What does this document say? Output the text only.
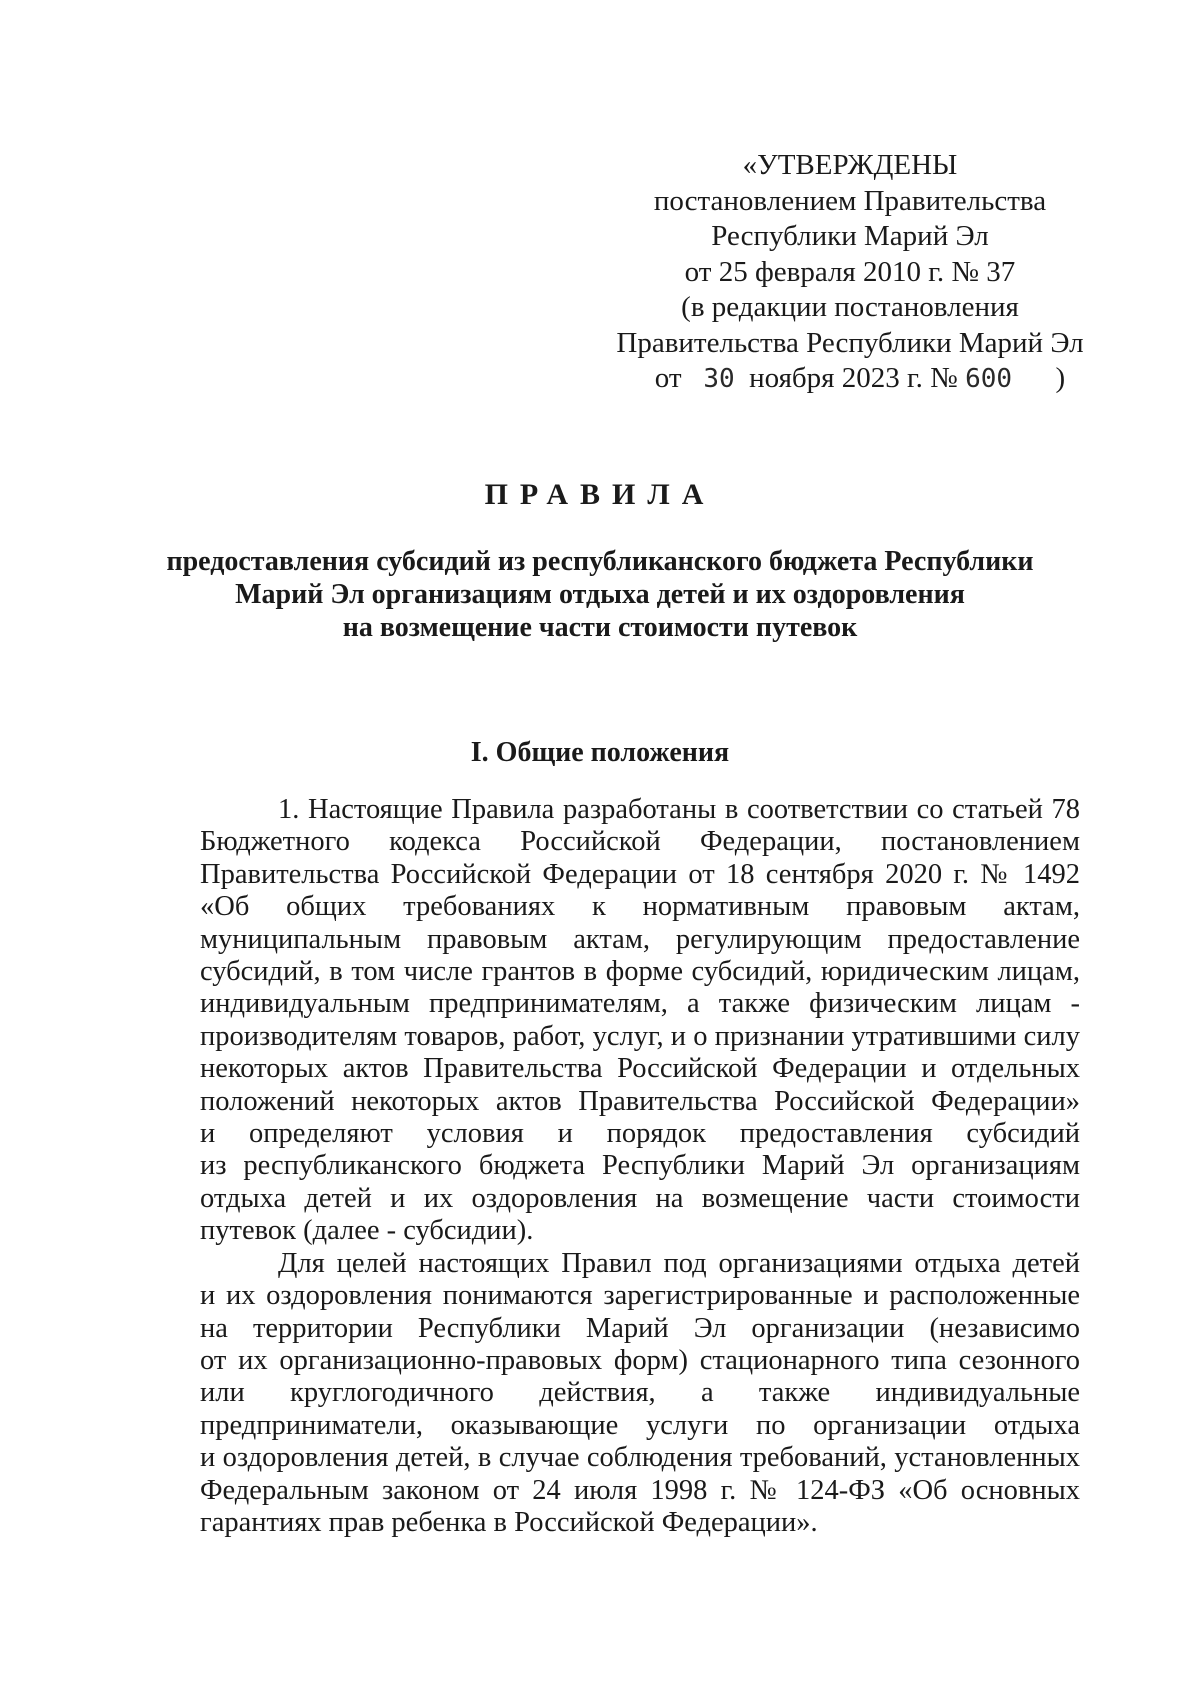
«УТВЕРЖДЕНЫ
постановлением Правительства
Республики Марий Эл
от 25 февраля 2010 г. № 37
(в редакции постановления
Правительства Республики Марий Эл
от 30 ноября 2023 г. № 600 )
ПРАВИЛА
предоставления субсидий из республиканского бюджета Республики
Марий Эл организациям отдыха детей и их оздоровления
на возмещение части стоимости путевок
I. Общие положения
1. Настоящие Правила разработаны в соответствии со статьей 78
Бюджетного кодекса Российской Федерации, постановлением
Правительства Российской Федерации от 18 сентября 2020 г. № 1492
«Об общих требованиях к нормативным правовым актам,
муниципальным правовым актам, регулирующим предоставление
субсидий, в том числе грантов в форме субсидий, юридическим лицам,
индивидуальным предпринимателям, а также физическим лицам -
производителям товаров, работ, услуг, и о признании утратившими силу
некоторых актов Правительства Российской Федерации и отдельных
положений некоторых актов Правительства Российской Федерации»
и определяют условия и порядок предоставления субсидий
из республиканского бюджета Республики Марий Эл организациям
отдыха детей и их оздоровления на возмещение части стоимости
путевок (далее - субсидии).
Для целей настоящих Правил под организациями отдыха детей
и их оздоровления понимаются зарегистрированные и расположенные
на территории Республики Марий Эл организации (независимо
от их организационно-правовых форм) стационарного типа сезонного
или круглогодичного действия, а также индивидуальные
предприниматели, оказывающие услуги по организации отдыха
и оздоровления детей, в случае соблюдения требований, установленных
Федеральным законом от 24 июля 1998 г. № 124-ФЗ «Об основных
гарантиях прав ребенка в Российской Федерации».
